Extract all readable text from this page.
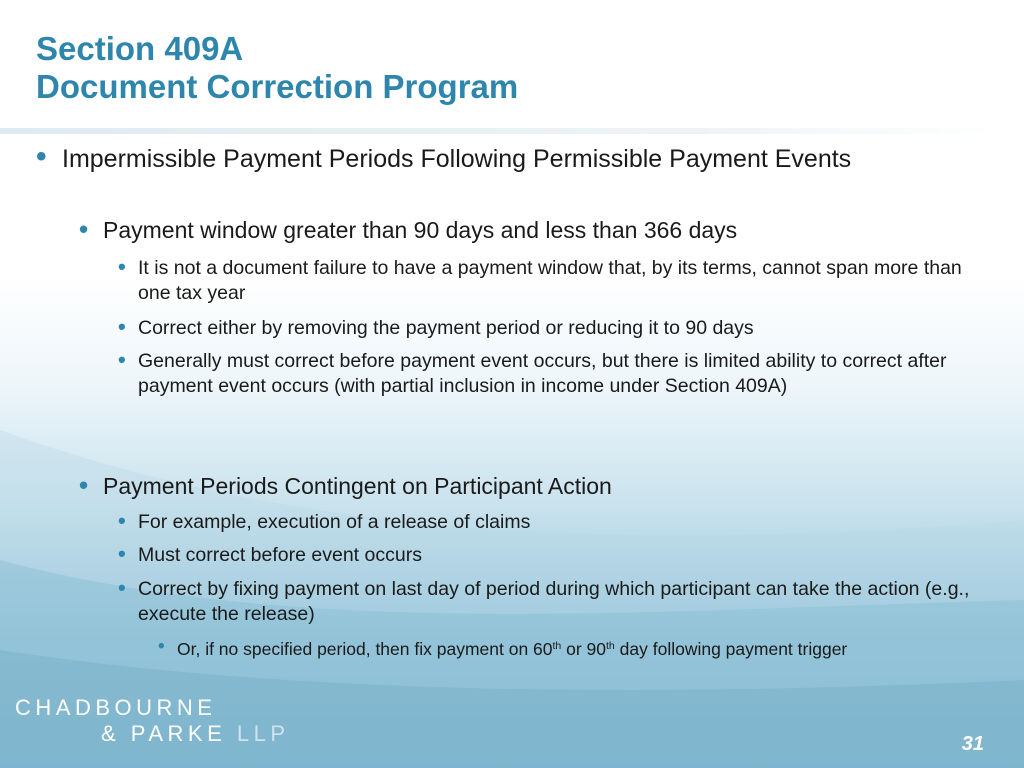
Section 409A
Document Correction Program

• Impermissible Payment Periods Following Permissible Payment Events

• Payment window greater than 90 days and less than 366 days

• It is not a document failure to have a payment window that, by its terms, cannot span more than one tax year

• Correct either by removing the payment period or reducing it to 90 days

• Generally must correct before payment event occurs, but there is limited ability to correct after payment event occurs (with partial inclusion in income under Section 409A)

• Payment Periods Contingent on Participant Action

• For example, execution of a release of claims

• Must correct before event occurs

• Correct by fixing payment on last day of period during which participant can take the action (e.g., execute the release)

• Or, if no specified period, then fix payment on 60th or 90th day following payment trigger

CHADBOURNE
& PARKE LLP	31
